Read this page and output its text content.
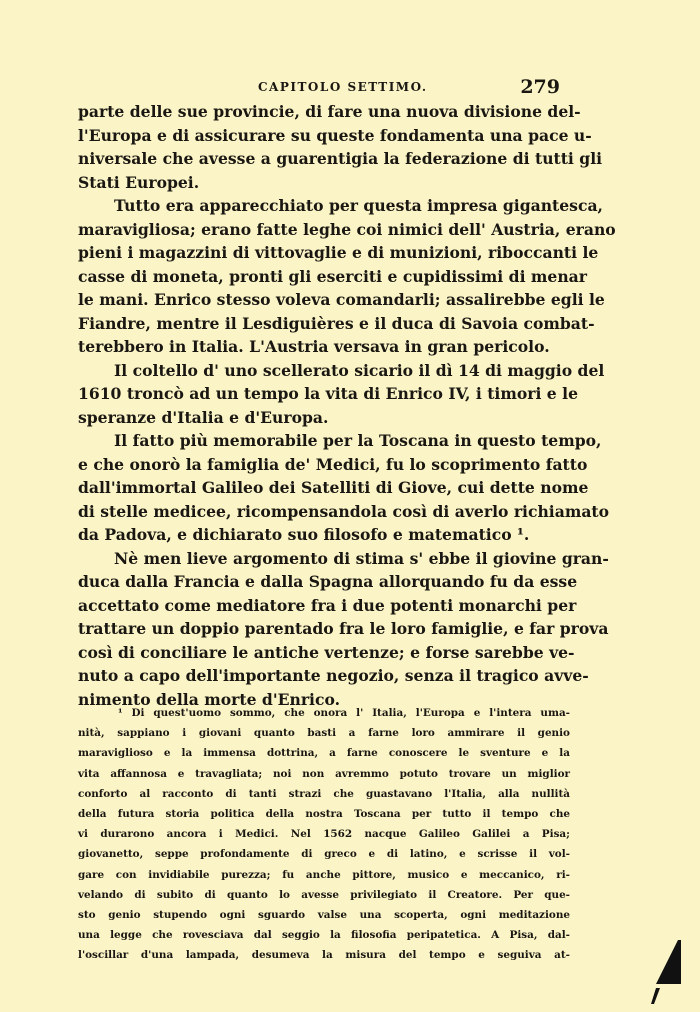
CAPITOLO SETTIMO.	279
parte delle sue provincie, di fare una nuova divisione del-
l'Europa e di assicurare su queste fondamenta una pace u-
niversale che avesse a guarentigia la federazione di tutti gli
Stati Europei.
Tutto era apparecchiato per questa impresa gigantesca,
maravigliosa; erano fatte leghe coi nimici dell' Austria, erano
pieni i magazzini di vittovaglie e di munizioni, riboccanti le
casse di moneta, pronti gli eserciti e cupidissimi di menar
le mani. Enrico stesso voleva comandarli; assalirebbe egli le
Fiandre, mentre il Lesdiguières e il duca di Savoia combat-
terebbero in Italia. L'Austria versava in gran pericolo.
Il coltello d' uno scellerato sicario il dì 14 di maggio del
1610 troncò ad un tempo la vita di Enrico IV, i timori e le
speranze d'Italia e d'Europa.
Il fatto più memorabile per la Toscana in questo tempo,
e che onorò la famiglia de' Medici, fu lo scoprimento fatto
dall'immortal Galileo dei Satelliti di Giove, cui dette nome
di stelle medicee, ricompensandola così di averlo richiamato
da Padova, e dichiarato suo filosofo e matematico ¹.
Nè men lieve argomento di stima s' ebbe il giovine gran-
duca dalla Francia e dalla Spagna allorquando fu da esse
accettato come mediatore fra i due potenti monarchi per
trattare un doppio parentado fra le loro famiglie, e far prova
così di conciliare le antiche vertenze; e forse sarebbe ve-
nuto a capo dell'importante negozio, senza il tragico avve-
nimento della morte d'Enrico.
¹ Di quest'uomo sommo, che onora l' Italia, l'Europa e l'intera uma-
nità, sappiano i giovani quanto basti a farne loro ammirare il genio
maraviglioso e la immensa dottrina, a farne conoscere le sventure e la
vita affannosa e travagliata; noi non avremmo potuto trovare un miglior
conforto al racconto di tanti strazi che guastavano l'Italia, alla nullità
della futura storia politica della nostra Toscana per tutto il tempo che
vi durarono ancora i Medici. Nel 1562 nacque Galileo Galilei a Pisa;
giovanetto, seppe profondamente di greco e di latino, e scrisse il vol-
gare con invidiabile purezza; fu anche pittore, musico e meccanico, ri-
velando di subito di quanto lo avesse privilegiato il Creatore. Per que-
sto genio stupendo ogni sguardo valse una scoperta, ogni meditazione
una legge che rovesciava dal seggio la filosofia peripatetica. A Pisa, dal-
l'oscillar d'una lampada, desumeva la misura del tempo e seguiva at-
